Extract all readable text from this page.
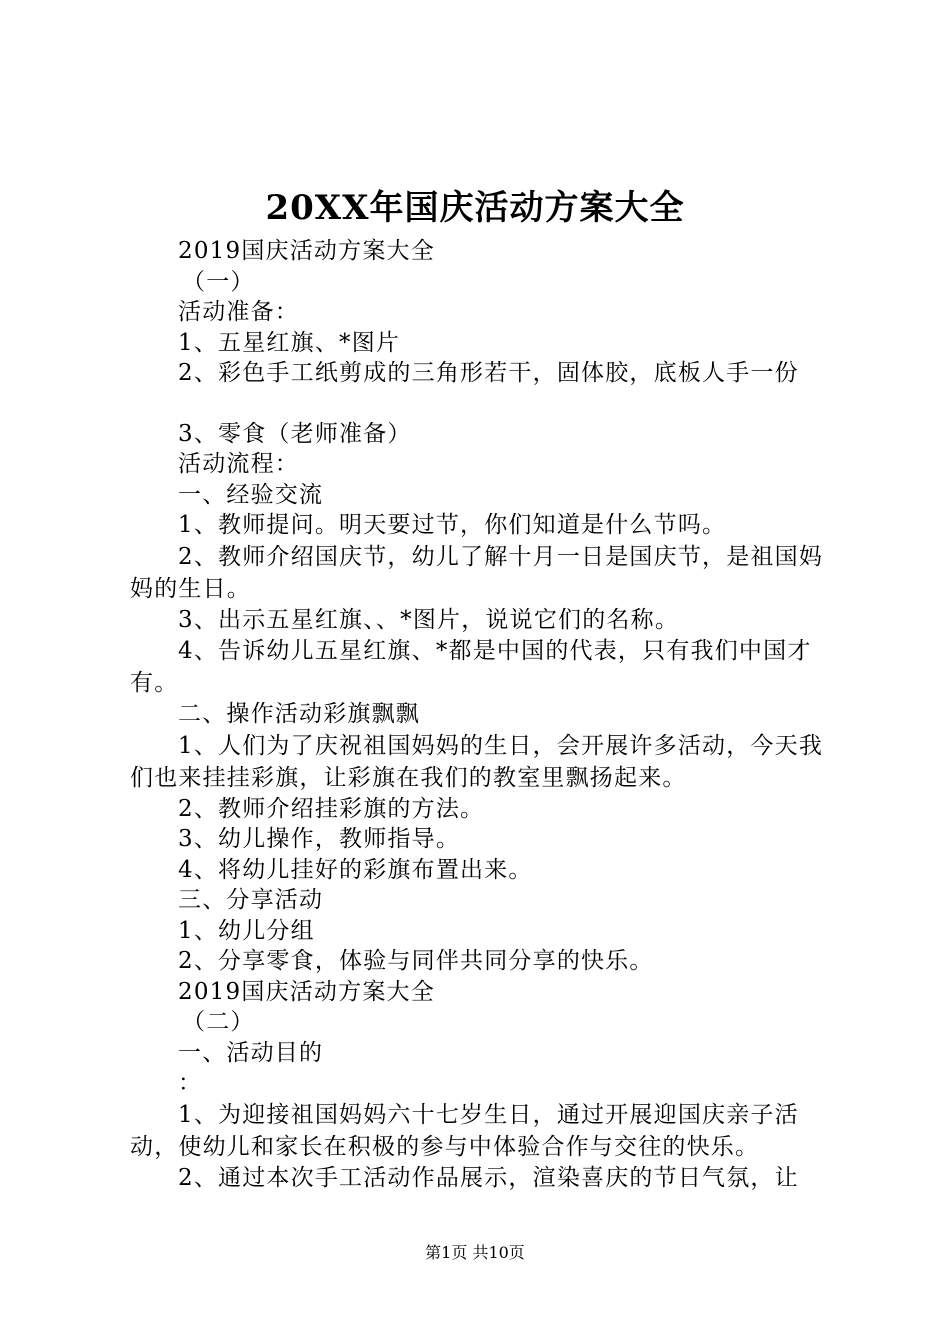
20XX年国庆活动方案大全
2019国庆活动方案大全
（一）
活动准备：
1、五星红旗、*图片
2、彩色手工纸剪成的三角形若干，固体胶，底板人手一份
3、零食（老师准备）
活动流程：
一、经验交流
1、教师提问。明天要过节，你们知道是什么节吗。
2、教师介绍国庆节，幼儿了解十月一日是国庆节，是祖国妈妈的生日。
3、出示五星红旗、、*图片，说说它们的名称。
4、告诉幼儿五星红旗、*都是中国的代表，只有我们中国才有。
二、操作活动彩旗飘飘
1、人们为了庆祝祖国妈妈的生日，会开展许多活动，今天我们也来挂挂彩旗，让彩旗在我们的教室里飘扬起来。
2、教师介绍挂彩旗的方法。
3、幼儿操作，教师指导。
4、将幼儿挂好的彩旗布置出来。
三、分享活动
1、幼儿分组
2、分享零食，体验与同伴共同分享的快乐。
2019国庆活动方案大全
（二）
一、活动目的
：
1、为迎接祖国妈妈六十七岁生日，通过开展迎国庆亲子活动，使幼儿和家长在积极的参与中体验合作与交往的快乐。
2、通过本次手工活动作品展示，渲染喜庆的节日气氛，让
第1页 共10页
